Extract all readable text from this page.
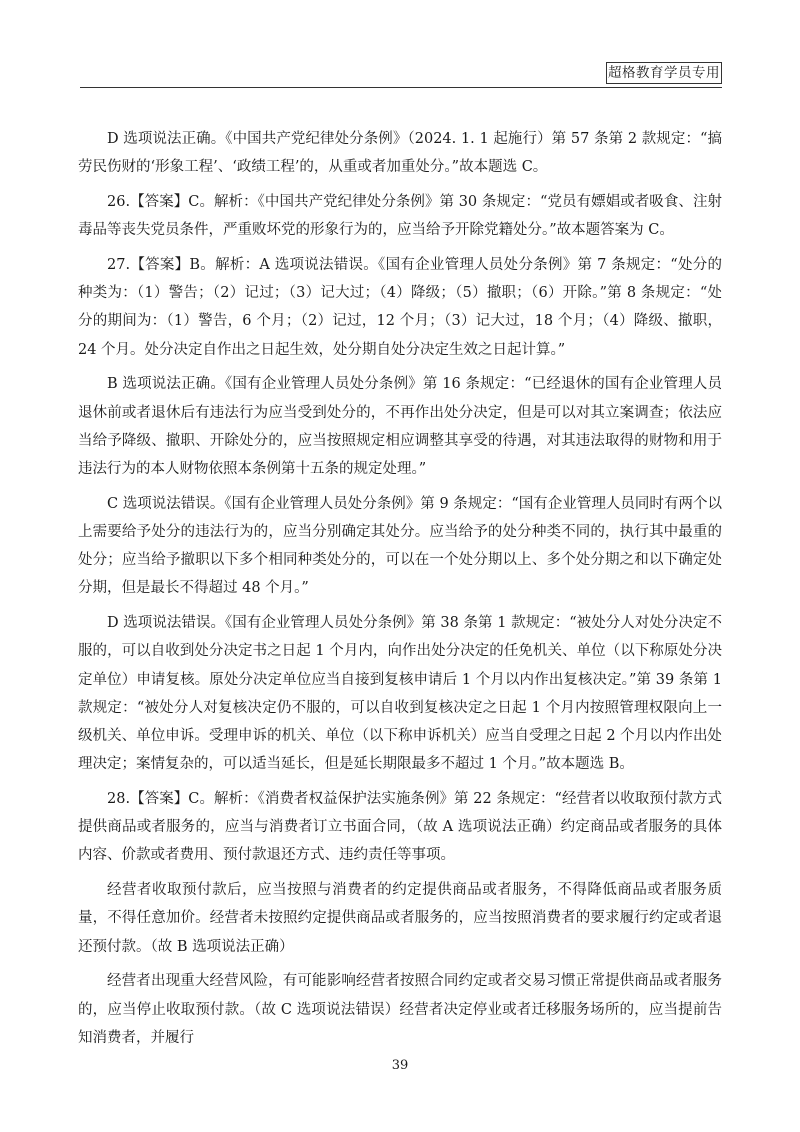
超格教育学员专用

D 选项说法正确。《中国共产党纪律处分条例》（2024. 1. 1 起施行）第 57 条第 2 款规定：“搞劳民伤财的‘形象工程’、‘政绩工程’的，从重或者加重处分。”故本题选 C。

26.【答案】C。解析：《中国共产党纪律处分条例》第 30 条规定：“党员有嫖娼或者吸食、注射毒品等丧失党员条件，严重败坏党的形象行为的，应当给予开除党籍处分。”故本题答案为 C。

27.【答案】B。解析：A 选项说法错误。《国有企业管理人员处分条例》第 7 条规定：“处分的种类为：（1）警告；（2）记过；（3）记大过；（4）降级；（5）撤职；（6）开除。”第 8 条规定：“处分的期间为：（1）警告，6 个月；（2）记过，12 个月；（3）记大过，18 个月；（4）降级、撤职，24 个月。处分决定自作出之日起生效，处分期自处分决定生效之日起计算。”

B 选项说法正确。《国有企业管理人员处分条例》第 16 条规定：“已经退休的国有企业管理人员退休前或者退休后有违法行为应当受到处分的，不再作出处分决定，但是可以对其立案调查；依法应当给予降级、撤职、开除处分的，应当按照规定相应调整其享受的待遇，对其违法取得的财物和用于违法行为的本人财物依照本条例第十五条的规定处理。”

C 选项说法错误。《国有企业管理人员处分条例》第 9 条规定：“国有企业管理人员同时有两个以上需要给予处分的违法行为的，应当分别确定其处分。应当给予的处分种类不同的，执行其中最重的处分；应当给予撤职以下多个相同种类处分的，可以在一个处分期以上、多个处分期之和以下确定处分期，但是最长不得超过 48 个月。”

D 选项说法错误。《国有企业管理人员处分条例》第 38 条第 1 款规定：“被处分人对处分决定不服的，可以自收到处分决定书之日起 1 个月内，向作出处分决定的任免机关、单位（以下称原处分决定单位）申请复核。原处分决定单位应当自接到复核申请后 1 个月以内作出复核决定。”第 39 条第 1 款规定：“被处分人对复核决定仍不服的，可以自收到复核决定之日起 1 个月内按照管理权限向上一级机关、单位申诉。受理申诉的机关、单位（以下称申诉机关）应当自受理之日起 2 个月以内作出处理决定；案情复杂的，可以适当延长，但是延长期限最多不超过 1 个月。”故本题选 B。

28.【答案】C。解析：《消费者权益保护法实施条例》第 22 条规定：“经营者以收取预付款方式提供商品或者服务的，应当与消费者订立书面合同，（故 A 选项说法正确）约定商品或者服务的具体内容、价款或者费用、预付款退还方式、违约责任等事项。

经营者收取预付款后，应当按照与消费者的约定提供商品或者服务，不得降低商品或者服务质量，不得任意加价。经营者未按照约定提供商品或者服务的，应当按照消费者的要求履行约定或者退还预付款。（故 B 选项说法正确）

经营者出现重大经营风险，有可能影响经营者按照合同约定或者交易习惯正常提供商品或者服务的，应当停止收取预付款。（故 C 选项说法错误）经营者决定停业或者迁移服务场所的，应当提前告知消费者，并履行

39
